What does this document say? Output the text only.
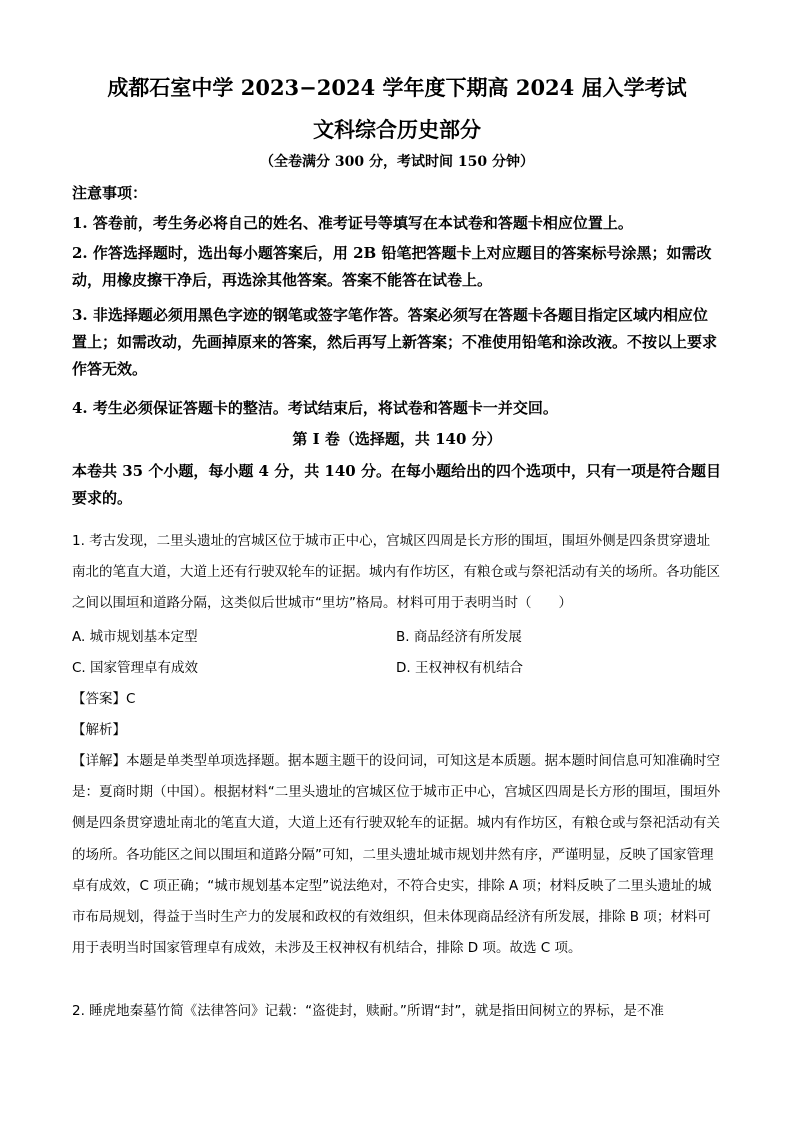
成都石室中学 2023−2024 学年度下期高 2024 届入学考试
文科综合历史部分
（全卷满分 300 分，考试时间 150 分钟）
注意事项：
1. 答卷前，考生务必将自己的姓名、准考证号等填写在本试卷和答题卡相应位置上。
2. 作答选择题时，选出每小题答案后，用 2B 铅笔把答题卡上对应题目的答案标号涂黑；如需改动，用橡皮擦干净后，再选涂其他答案。答案不能答在试卷上。
3. 非选择题必须用黑色字迹的钢笔或签字笔作答。答案必须写在答题卡各题目指定区域内相应位置上；如需改动，先画掉原来的答案，然后再写上新答案；不准使用铅笔和涂改液。不按以上要求作答无效。
4. 考生必须保证答题卡的整洁。考试结束后，将试卷和答题卡一并交回。
第 I 卷（选择题，共 140 分）
本卷共 35 个小题，每小题 4 分，共 140 分。在每小题给出的四个选项中，只有一项是符合题目要求的。
1. 考古发现，二里头遗址的宫城区位于城市正中心，宫城区四周是长方形的围垣，围垣外侧是四条贯穿遗址南北的笔直大道，大道上还有行驶双轮车的证据。城内有作坊区，有粮仓或与祭祀活动有关的场所。各功能区之间以围垣和道路分隔，这类似后世城市“里坊”格局。材料可用于表明当时（　　）
A. 城市规划基本定型	B. 商品经济有所发展
C. 国家管理卓有成效	D. 王权神权有机结合
【答案】C
【解析】
【详解】本题是单类型单项选择题。据本题主题干的设问词，可知这是本质题。据本题时间信息可知准确时空是：夏商时期（中国）。根据材料“二里头遗址的宫城区位于城市正中心，宫城区四周是长方形的围垣，围垣外侧是四条贯穿遗址南北的笔直大道，大道上还有行驶双轮车的证据。城内有作坊区，有粮仓或与祭祀活动有关的场所。各功能区之间以围垣和道路分隔”可知，二里头遗址城市规划井然有序，严谨明显，反映了国家管理卓有成效，C 项正确；“城市规划基本定型”说法绝对，不符合史实，排除 A 项；材料反映了二里头遗址的城市布局规划，得益于当时生产力的发展和政权的有效组织，但未体现商品经济有所发展，排除 B 项；材料可用于表明当时国家管理卓有成效，未涉及王权神权有机结合，排除 D 项。故选 C 项。
2. 睡虎地秦墓竹简《法律答问》记载：“盗徙封，赎耐。”所谓“封”，就是指田间树立的界标，是不准
